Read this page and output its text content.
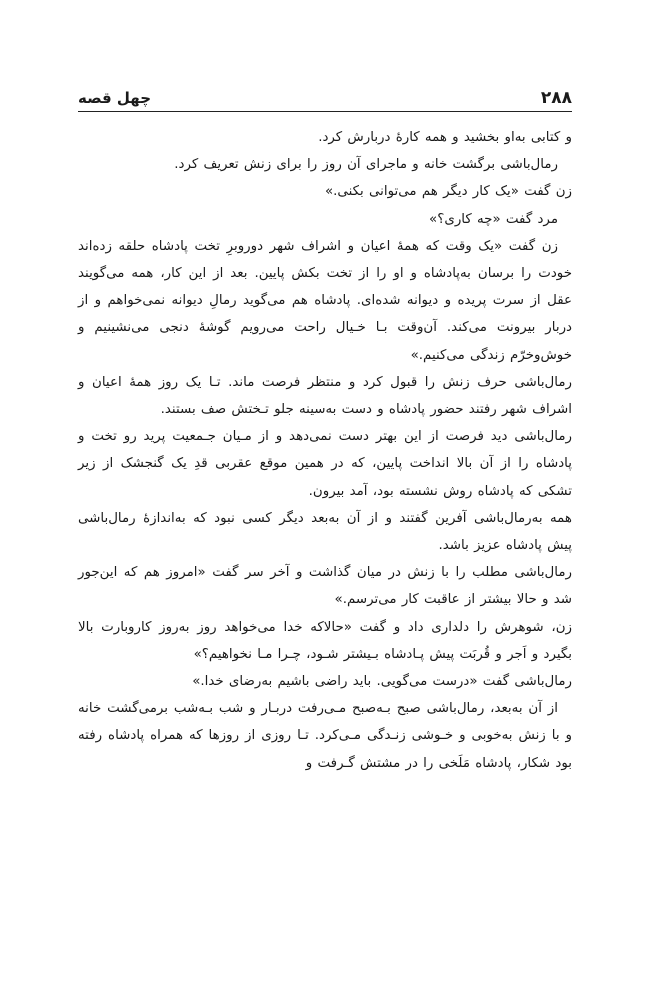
۲۸۸
چهل قصه

و کتابی به‌او بخشید و همه کارهٔ دربارش کرد.

رمال‌باشی برگشت خانه و ماجرای آن روز را برای زنش تعریف کرد.

زن گفت «یک کار دیگر هم می‌توانی بکنی.»

مرد گفت «چه کاری؟»

زن گفت «یک وقت که همهٔ اعیان و اشراف شهر دوروبرِ تخت پادشاه حلقه زده‌اند خودت را برسان به‌پادشاه و او را از تخت بکش پایین. بعد از این کار، همه می‌گویند عقل از سرت پریده و دیوانه شده‌ای. پادشاه هم می‌گوید رمالِ دیوانه نمی‌خواهم و از دربار بیرونت می‌کند. آن‌وقت بـا خـیال راحت می‌رویم گوشهٔ دنجی می‌نشینیم و خوش‌وخرّم زندگی می‌کنیم.»

رمال‌باشی حرف زنش را قبول کرد و منتظر فرصت ماند. تـا یک روز همهٔ اعیان و اشراف شهر رفتند حضور پادشاه و دست به‌سینه جلو تـختش صف بستند.

رمال‌باشی دید فرصت از این بهتر دست نمی‌دهد و از مـیان جـمعیت پرید رو تخت و پادشاه را از آن بالا انداخت پایین، که در همین موقع عقربی قدِ یک گنجشک از زیر تشکی که پادشاه روش نشسته بود، آمد بیرون.

همه به‌رمال‌باشی آفرین گفتند و از آن به‌بعد دیگر کسی نبود که به‌اندازهٔ رمال‌باشی پیش پادشاه عزیز باشد.

رمال‌باشی مطلب را با زنش در میان گذاشت و آخر سر گفت «امروز هم که این‌جور شد و حالا بیشتر از عاقبت کار می‌ترسم.»

زن، شوهرش را دلداری داد و گفت «حالاکه خدا می‌خواهد روز به‌روز کاروبارت بالا بگیرد و اَجر و قُربَت پیش پـادشاه بـیشتر شـود، چـرا مـا نخواهیم؟»

رمال‌باشی گفت «درست می‌گویی. باید راضی باشیم به‌رضای خدا.»

از آن به‌بعد، رمال‌باشی صبح بـه‌صبح مـی‌رفت دربـار و شب بـه‌شب برمی‌گشت خانه و با زنش به‌خوبی و خـوشی زنـدگی مـی‌کرد. تـا روزی از روزها که همراه پادشاه رفته بود شکار، پادشاه مَلَخی را در مشتش گـرفت و
